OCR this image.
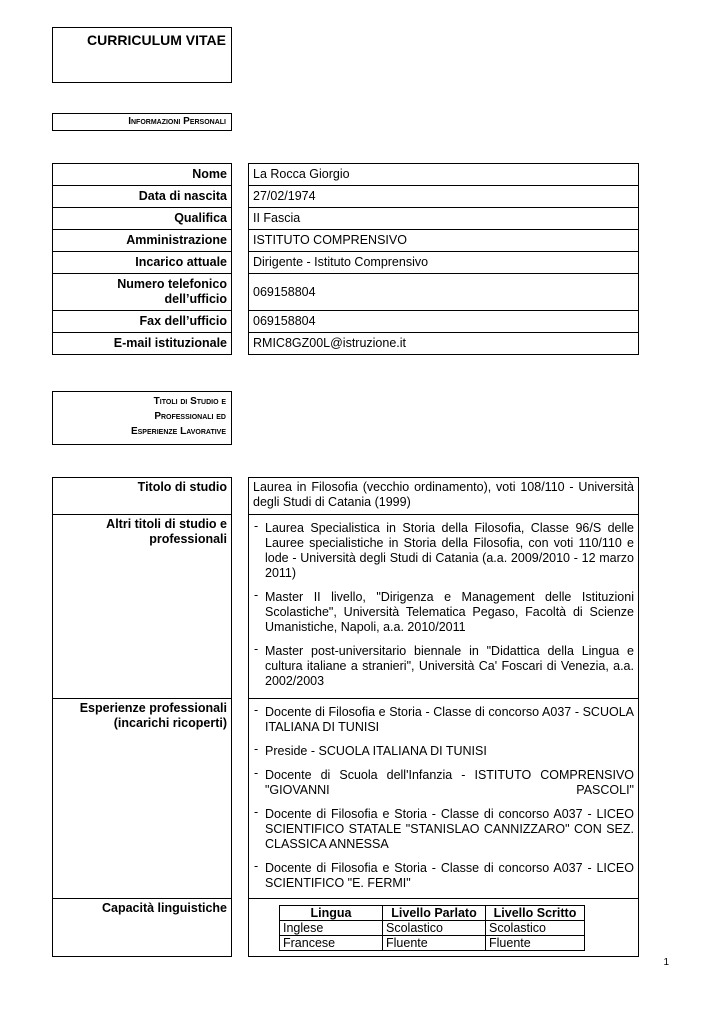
CURRICULUM VITAE
Informazioni Personali
Nome		La Rocca Giorgio
Data di nascita		27/02/1974
Qualifica		II Fascia
Amministrazione		ISTITUTO COMPRENSIVO
Incarico attuale		Dirigente - Istituto Comprensivo
Numero telefonico
dell’ufficio		069158804
Fax dell’ufficio		069158804
E-mail istituzionale		RMIC8GZ00L@istruzione.it
Titoli di Studio e
Professionali ed
Esperienze Lavorative
Titolo di studio		Laurea in Filosofia (vecchio ordinamento), voti 108/110 - Università degli Studi di Catania (1999)

Altri titoli di studio e
professionali		
- Laurea Specialistica in Storia della Filosofia, Classe 96/S delle Lauree specialistiche in Storia della Filosofia, con voti 110/110 e lode - Università degli Studi di Catania (a.a. 2009/2010 - 12 marzo 2011)
- Master II livello, "Dirigenza e Management delle Istituzioni Scolastiche", Università Telematica Pegaso, Facoltà di Scienze Umanistiche, Napoli, a.a. 2010/2011
- Master post-universitario biennale in "Didattica della Lingua e cultura italiane a stranieri", Università Ca' Foscari di Venezia, a.a. 2002/2003

Esperienze professionali
(incarichi ricoperti)		
- Docente di Filosofia e Storia - Classe di concorso A037 - SCUOLA ITALIANA DI TUNISI
- Preside - SCUOLA ITALIANA DI TUNISI
- Docente di Scuola dell'Infanzia - ISTITUTO COMPRENSIVO "GIOVANNI PASCOLI"
- Docente di Filosofia e Storia - Classe di concorso A037 - LICEO SCIENTIFICO STATALE "STANISLAO CANNIZZARO" CON SEZ. CLASSICA ANNESSA
- Docente di Filosofia e Storia - Classe di concorso A037 - LICEO SCIENTIFICO "E. FERMI"

Capacità linguistiche			Lingua	Livello Parlato	Livello Scritto
Inglese	Scolastico	Scolastico
Francese	Fluente	Fluente
1
